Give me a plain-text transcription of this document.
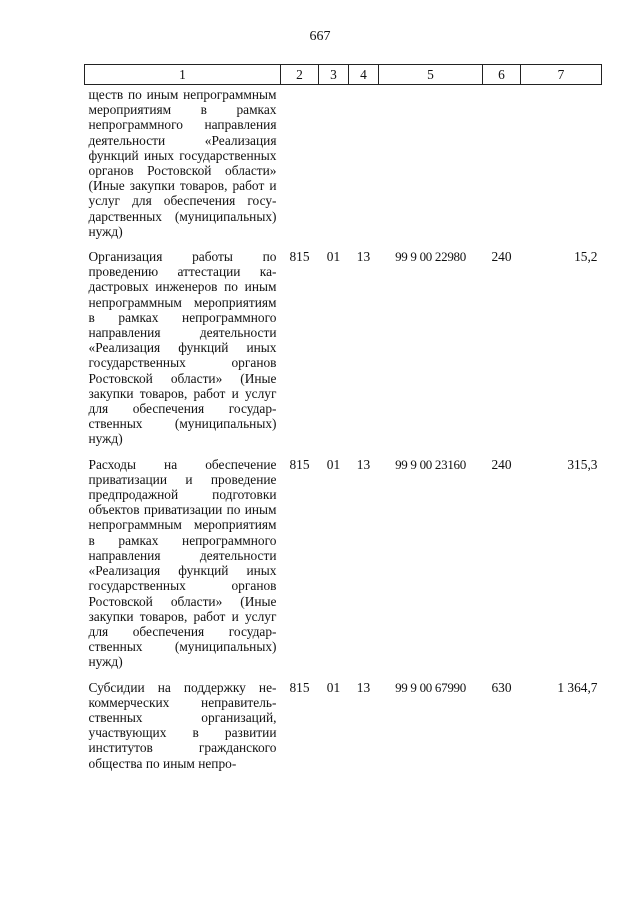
667
1	2	3	4	5	6	7
ществ по иным непрограммным мероприятиям в рамках непрограммного направления деятельности «Реализация функций иных государственных органов Ростовской области» (Иные закупки товаров, работ и услуг для обеспечения государственных (муниципальных) нужд)						
Организация работы по проведению аттестации кадастровых инженеров по иным непрограммным мероприятиям в рамках непрограммного направления деятельности «Реализация функций иных государственных органов Ростовской области» (Иные закупки товаров, работ и услуг для обеспечения государственных (муниципальных) нужд)	815	01	13	99 9 00 22980	240	15,2
Расходы на обеспечение приватизации и проведение предпродажной подготовки объектов приватизации по иным непрограммным мероприятиям в рамках непрограммного направления деятельности «Реализация функций иных государственных органов Ростовской области» (Иные закупки товаров, работ и услуг для обеспечения государственных (муниципальных) нужд)	815	01	13	99 9 00 23160	240	315,3
Субсидии на поддержку некоммерческих неправительственных организаций, участвующих в развитии институтов гражданского общества по иным непро-	815	01	13	99 9 00 67990	630	1 364,7
